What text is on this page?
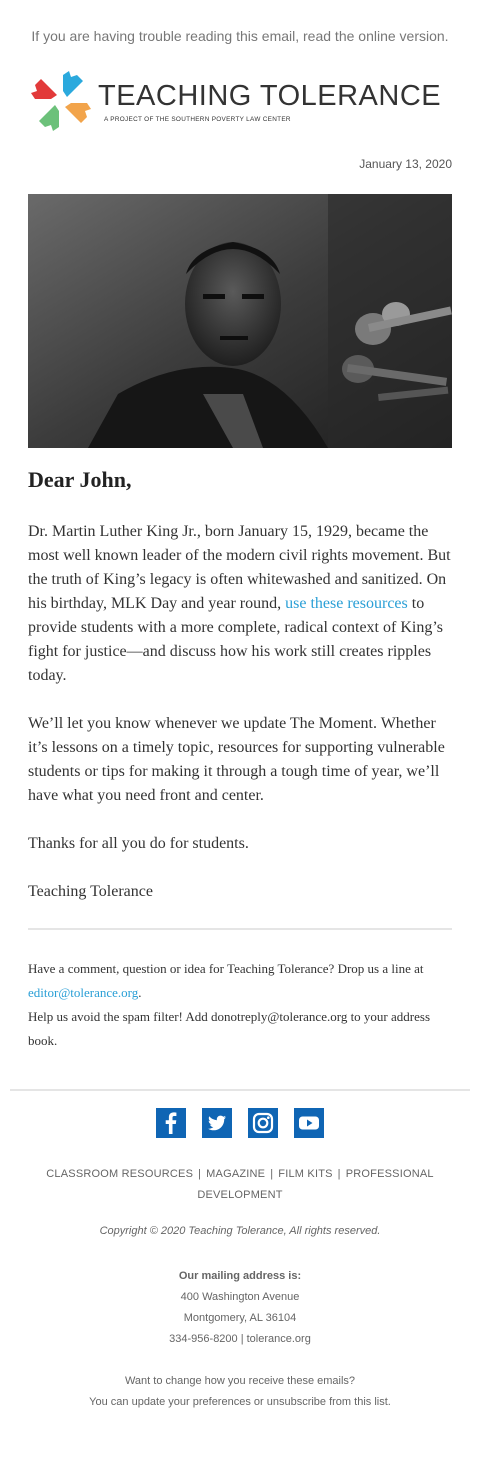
If you are having trouble reading this email, read the online version.
TEACHING TOLERANCE
A PROJECT OF THE SOUTHERN POVERTY LAW CENTER
January 13, 2020
Dear John,

Dr. Martin Luther King Jr., born January 15, 1929, became the most well known leader of the modern civil rights movement. But the truth of King’s legacy is often whitewashed and sanitized. On his birthday, MLK Day and year round, use these resources to provide students with a more complete, radical context of King’s fight for justice—and discuss how his work still creates ripples today.

We’ll let you know whenever we update The Moment. Whether it’s lessons on a timely topic, resources for supporting vulnerable students or tips for making it through a tough time of year, we’ll have what you need front and center.

Thanks for all you do for students.

Teaching Tolerance

Have a comment, question or idea for Teaching Tolerance? Drop us a line at editor@tolerance.org.

Help us avoid the spam filter! Add donotreply@tolerance.org to your address book.

CLASSROOM RESOURCES | MAGAZINE | FILM KITS | PROFESSIONAL DEVELOPMENT
Copyright © 2020 Teaching Tolerance, All rights reserved.
Our mailing address is:
400 Washington Avenue
Montgomery, AL 36104
334-956-8200 | tolerance.org
Want to change how you receive these emails?
You can update your preferences or unsubscribe from this list.
